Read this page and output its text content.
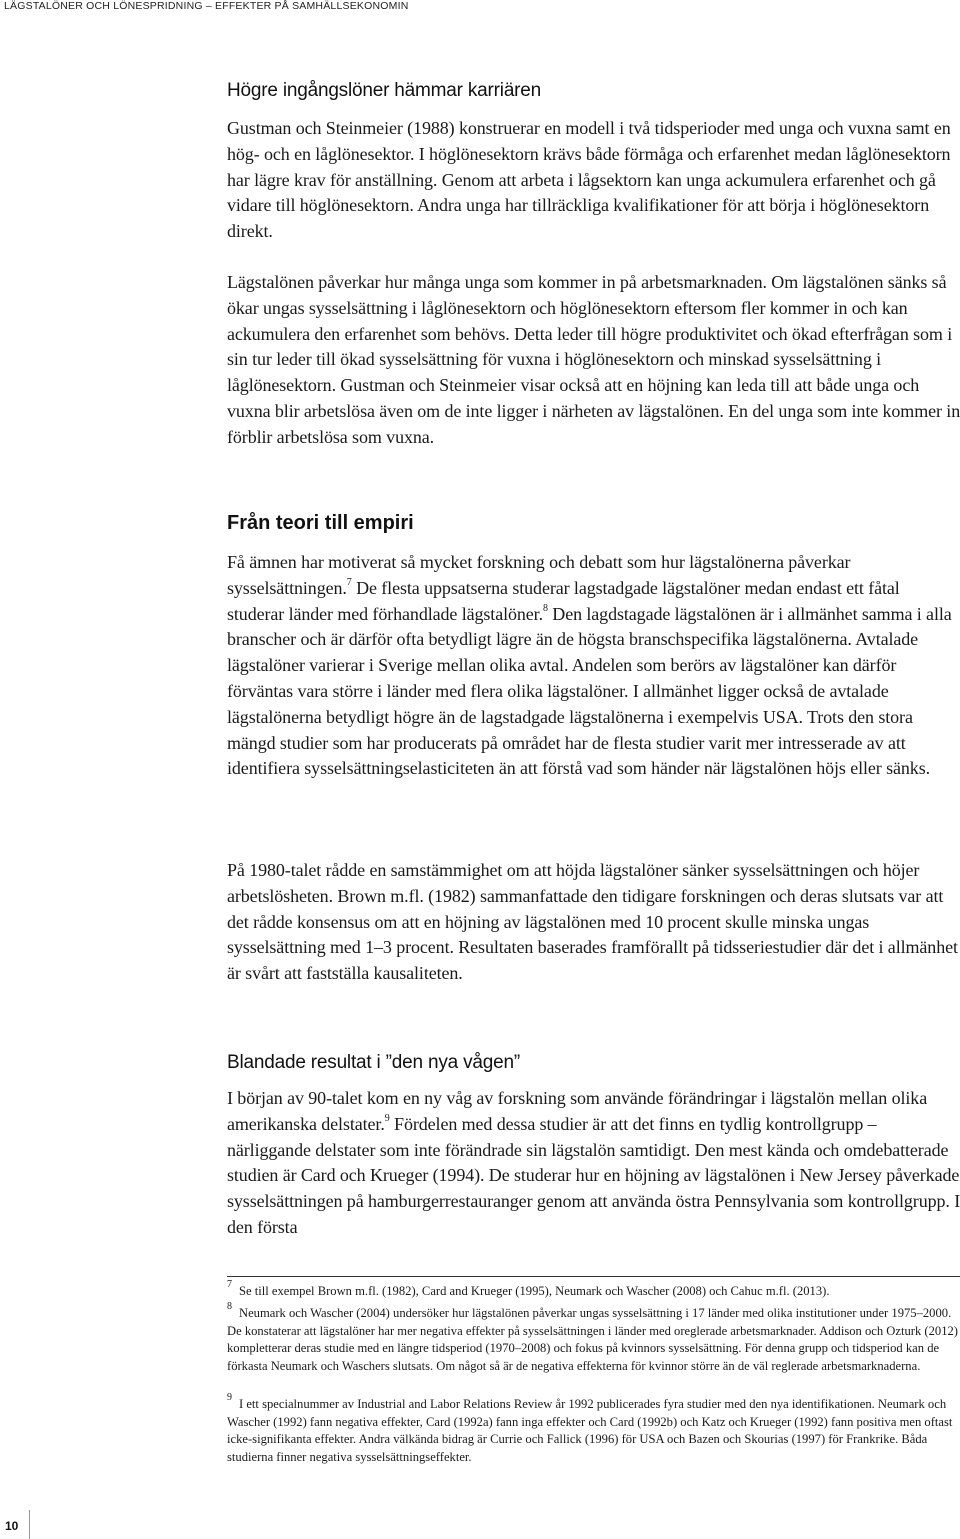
LÄGSTALÖNER OCH LÖNESPRIDNING – EFFEKTER PÅ SAMHÄLLSEKONOMIN
Högre ingångslöner hämmar karriären

Gustman och Steinmeier (1988) konstruerar en modell i två tidsperioder med unga och vuxna samt en hög- och en låglönesektor. I höglönesektorn krävs både förmåga och erfarenhet medan låglönesektorn har lägre krav för anställning. Genom att arbeta i lågsektorn kan unga ackumulera erfarenhet och gå vidare till höglönesektorn. Andra unga har tillräckliga kvalifikationer för att börja i höglönesektorn direkt.

Lägstalönen påverkar hur många unga som kommer in på arbetsmarknaden. Om lägstalönen sänks så ökar ungas sysselsättning i låglönesektorn och höglönesektorn eftersom fler kommer in och kan ackumulera den erfarenhet som behövs. Detta leder till högre produktivitet och ökad efterfrågan som i sin tur leder till ökad sysselsättning för vuxna i höglönesektorn och minskad sysselsättning i låglönesektorn. Gustman och Steinmeier visar också att en höjning kan leda till att både unga och vuxna blir arbetslösa även om de inte ligger i närheten av lägstalönen. En del unga som inte kommer in förblir arbetslösa som vuxna.

Från teori till empiri

Få ämnen har motiverat så mycket forskning och debatt som hur lägstalönerna påverkar sysselsättningen.$^7$ De flesta uppsatserna studerar lagstadgade lägstalöner medan endast ett fåtal studerar länder med förhandlade lägstalöner.$^8$ Den lagdstagade lägstalönen är i allmänhet samma i alla branscher och är därför ofta betydligt lägre än de högsta branschspecifika lägstalönerna. Avtalade lägstalöner varierar i Sverige mellan olika avtal. Andelen som berörs av lägstalöner kan därför förväntas vara större i länder med flera olika lägstalöner. I allmänhet ligger också de avtalade lägstalönerna betydligt högre än de lagstadgade lägstalönerna i exempelvis USA. Trots den stora mängd studier som har producerats på området har de flesta studier varit mer intresserade av att identifiera sysselsättningselasticiteten än att förstå vad som händer när lägstalönen höjs eller sänks.

På 1980-talet rådde en samstämmighet om att höjda lägstalöner sänker sysselsättningen och höjer arbetslösheten. Brown m.fl. (1982) sammanfattade den tidigare forskningen och deras slutsats var att det rådde konsensus om att en höjning av lägstalönen med 10 procent skulle minska ungas sysselsättning med 1–3 procent. Resultaten baserades framförallt på tidsseriestudier där det i allmänhet är svårt att fastställa kausaliteten.

Blandade resultat i ”den nya vågen”

I början av 90-talet kom en ny våg av forskning som använde förändringar i lägstalön mellan olika amerikanska delstater.$^9$ Fördelen med dessa studier är att det finns en tydlig kontrollgrupp – närliggande delstater som inte förändrade sin lägstalön samtidigt. Den mest kända och omdebatterade studien är Card och Krueger (1994). De studerar hur en höjning av lägstalönen i New Jersey påverkade sysselsättningen på hamburgerrestauranger genom att använda östra Pennsylvania som kontrollgrupp. I den första

7 Se till exempel Brown m.fl. (1982), Card and Krueger (1995), Neumark och Wascher (2008) och Cahuc m.fl. (2013).
8 Neumark och Wascher (2004) undersöker hur lägstalönen påverkar ungas sysselsättning i 17 länder med olika institutioner under 1975–2000. De konstaterar att lägstalöner har mer negativa effekter på sysselsättningen i länder med oreglerade arbetsmarknader. Addison och Ozturk (2012) kompletterar deras studie med en längre tidsperiod (1970–2008) och fokus på kvinnors sysselsättning. För denna grupp och tidsperiod kan de förkasta Neumark och Waschers slutsats. Om något så är de negativa effekterna för kvinnor större än de väl reglerade arbetsmarknaderna.
9 I ett specialnummer av Industrial and Labor Relations Review år 1992 publicerades fyra studier med den nya identifikationen. Neumark och Wascher (1992) fann negativa effekter, Card (1992a) fann inga effekter och Card (1992b) och Katz och Krueger (1992) fann positiva men oftast icke-signifikanta effekter. Andra välkända bidrag är Currie och Fallick (1996) för USA och Bazen och Skourias (1997) för Frankrike. Båda studierna finner negativa sysselsättningseffekter.
10
